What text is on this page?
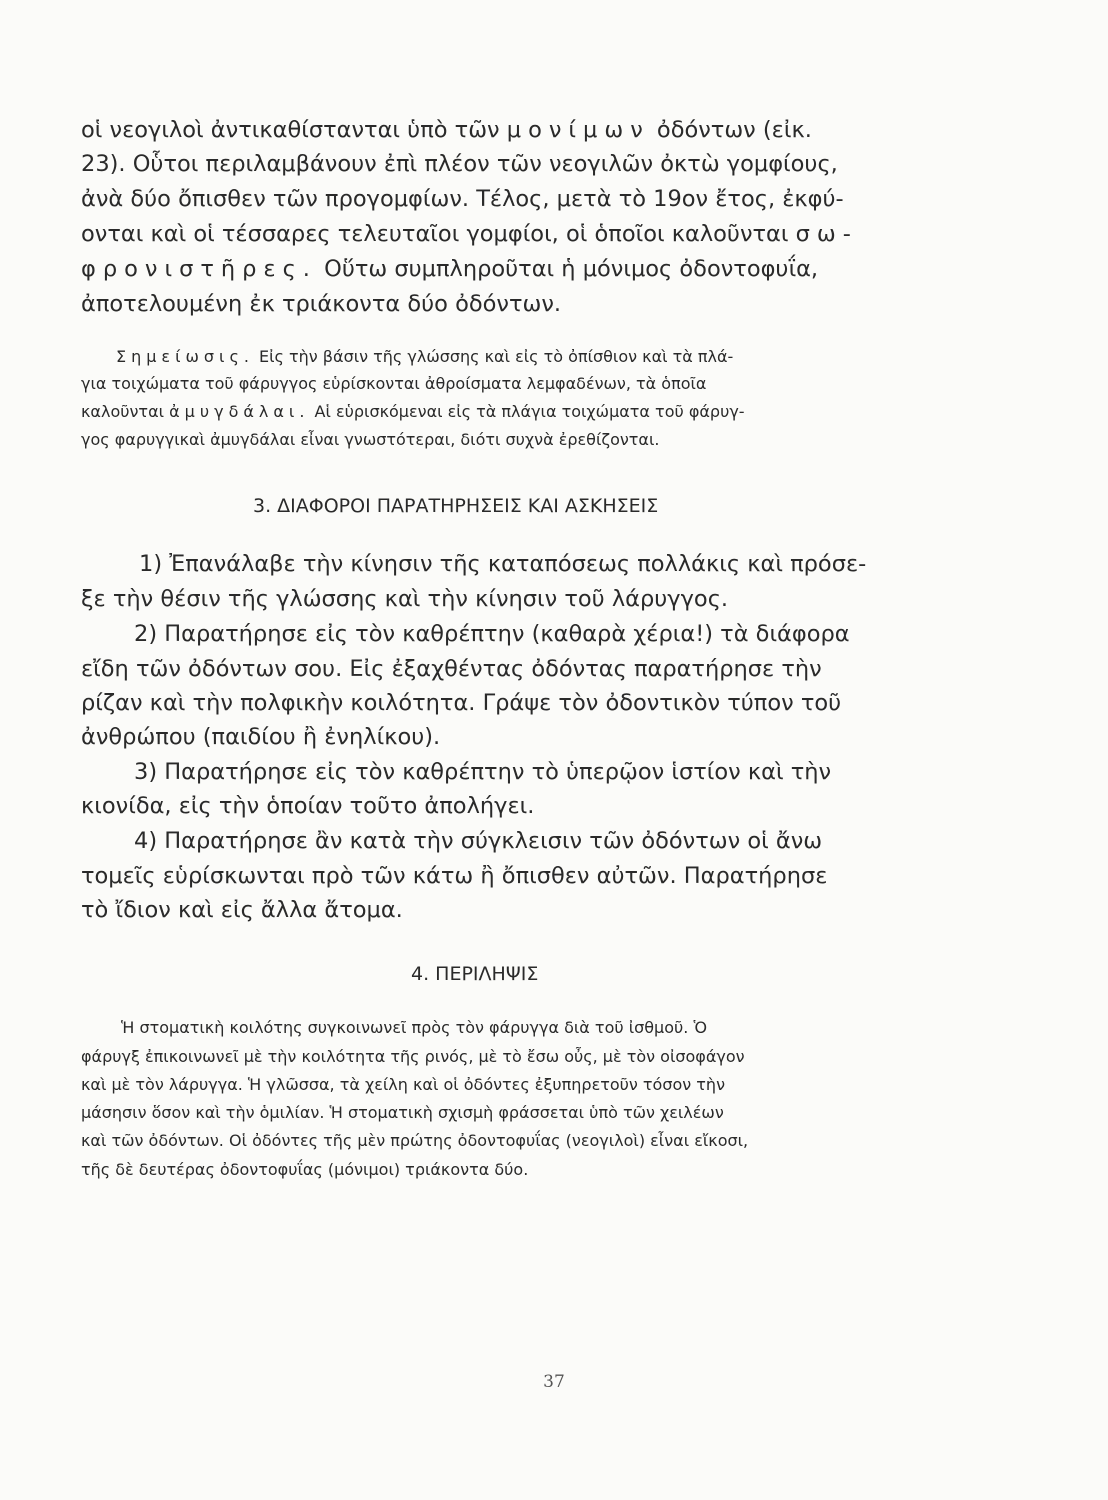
οἱ νεογιλοὶ ἀντικαθίστανται ὑπὸ τῶν μονίμων ὀδόντων (εἰκ.
23). Οὗτοι περιλαμβάνουν ἐπὶ πλέον τῶν νεογιλῶν ὀκτὼ γομφίους,
ἀνὰ δύο ὄπισθεν τῶν προγομφίων. Τέλος, μετὰ τὸ 19ον ἔτος, ἐκφύ-
ονται καὶ οἱ τέσσαρες τελευταῖοι γομφίοι, οἱ ὁποῖοι καλοῦνται σω-
φρονιστῆρες. Οὕτω συμπληροῦται ἡ μόνιμος ὀδοντοφυΐα,
ἀποτελουμένη ἐκ τριάκοντα δύο ὀδόντων.
Σημείωσις. Εἰς τὴν βάσιν τῆς γλώσσης καὶ εἰς τὸ ὀπίσθιον καὶ τὰ πλά-
για τοιχώματα τοῦ φάρυγγος εὑρίσκονται ἀθροίσματα λεμφαδένων, τὰ ὁποῖα
καλοῦνται ἀμυγδάλαι. Αἱ εὑρισκόμεναι εἰς τὰ πλάγια τοιχώματα τοῦ φάρυγ-
γος φαρυγγικαὶ ἀμυγδάλαι εἶναι γνωστότεραι, διότι συχνὰ ἐρεθίζονται.
3. ΔΙΑΦΟΡΟΙ ΠΑΡΑΤΗΡΗΣΕΙΣ ΚΑΙ ΑΣΚΗΣΕΙΣ
1) Ἐπανάλαβε τὴν κίνησιν τῆς καταπόσεως πολλάκις καὶ πρόσε-
ξε τὴν θέσιν τῆς γλώσσης καὶ τὴν κίνησιν τοῦ λάρυγγος.
2) Παρατήρησε εἰς τὸν καθρέπτην (καθαρὰ χέρια!) τὰ διάφορα
εἴδη τῶν ὀδόντων σου. Εἰς ἐξαχθέντας ὀδόντας παρατήρησε τὴν
ρίζαν καὶ τὴν πολφικὴν κοιλότητα. Γράψε τὸν ὀδοντικὸν τύπον τοῦ
ἀνθρώπου (παιδίου ἢ ἐνηλίκου).
3) Παρατήρησε εἰς τὸν καθρέπτην τὸ ὑπερῷον ἱστίον καὶ τὴν
κιονίδα, εἰς τὴν ὁποίαν τοῦτο ἀπολήγει.
4) Παρατήρησε ἂν κατὰ τὴν σύγκλεισιν τῶν ὀδόντων οἱ ἄνω
τομεῖς εὑρίσκωνται πρὸ τῶν κάτω ἢ ὄπισθεν αὐτῶν. Παρατήρησε
τὸ ἴδιον καὶ εἰς ἄλλα ἄτομα.
4. ΠΕΡΙΛΗΨΙΣ
Ἡ στοματικὴ κοιλότης συγκοινωνεῖ πρὸς τὸν φάρυγγα διὰ τοῦ ἰσθμοῦ. Ὁ
φάρυγξ ἐπικοινωνεῖ μὲ τὴν κοιλότητα τῆς ρινός, μὲ τὸ ἔσω οὖς, μὲ τὸν οἰσοφάγον
καὶ μὲ τὸν λάρυγγα. Ἡ γλῶσσα, τὰ χείλη καὶ οἱ ὀδόντες ἐξυπηρετοῦν τόσον τὴν
μάσησιν ὅσον καὶ τὴν ὁμιλίαν. Ἡ στοματικὴ σχισμὴ φράσσεται ὑπὸ τῶν χειλέων
καὶ τῶν ὀδόντων. Οἱ ὀδόντες τῆς μὲν πρώτης ὀδοντοφυΐας (νεογιλοὶ) εἶναι εἴκοσι,
τῆς δὲ δευτέρας ὀδοντοφυΐας (μόνιμοι) τριάκοντα δύο.
37
